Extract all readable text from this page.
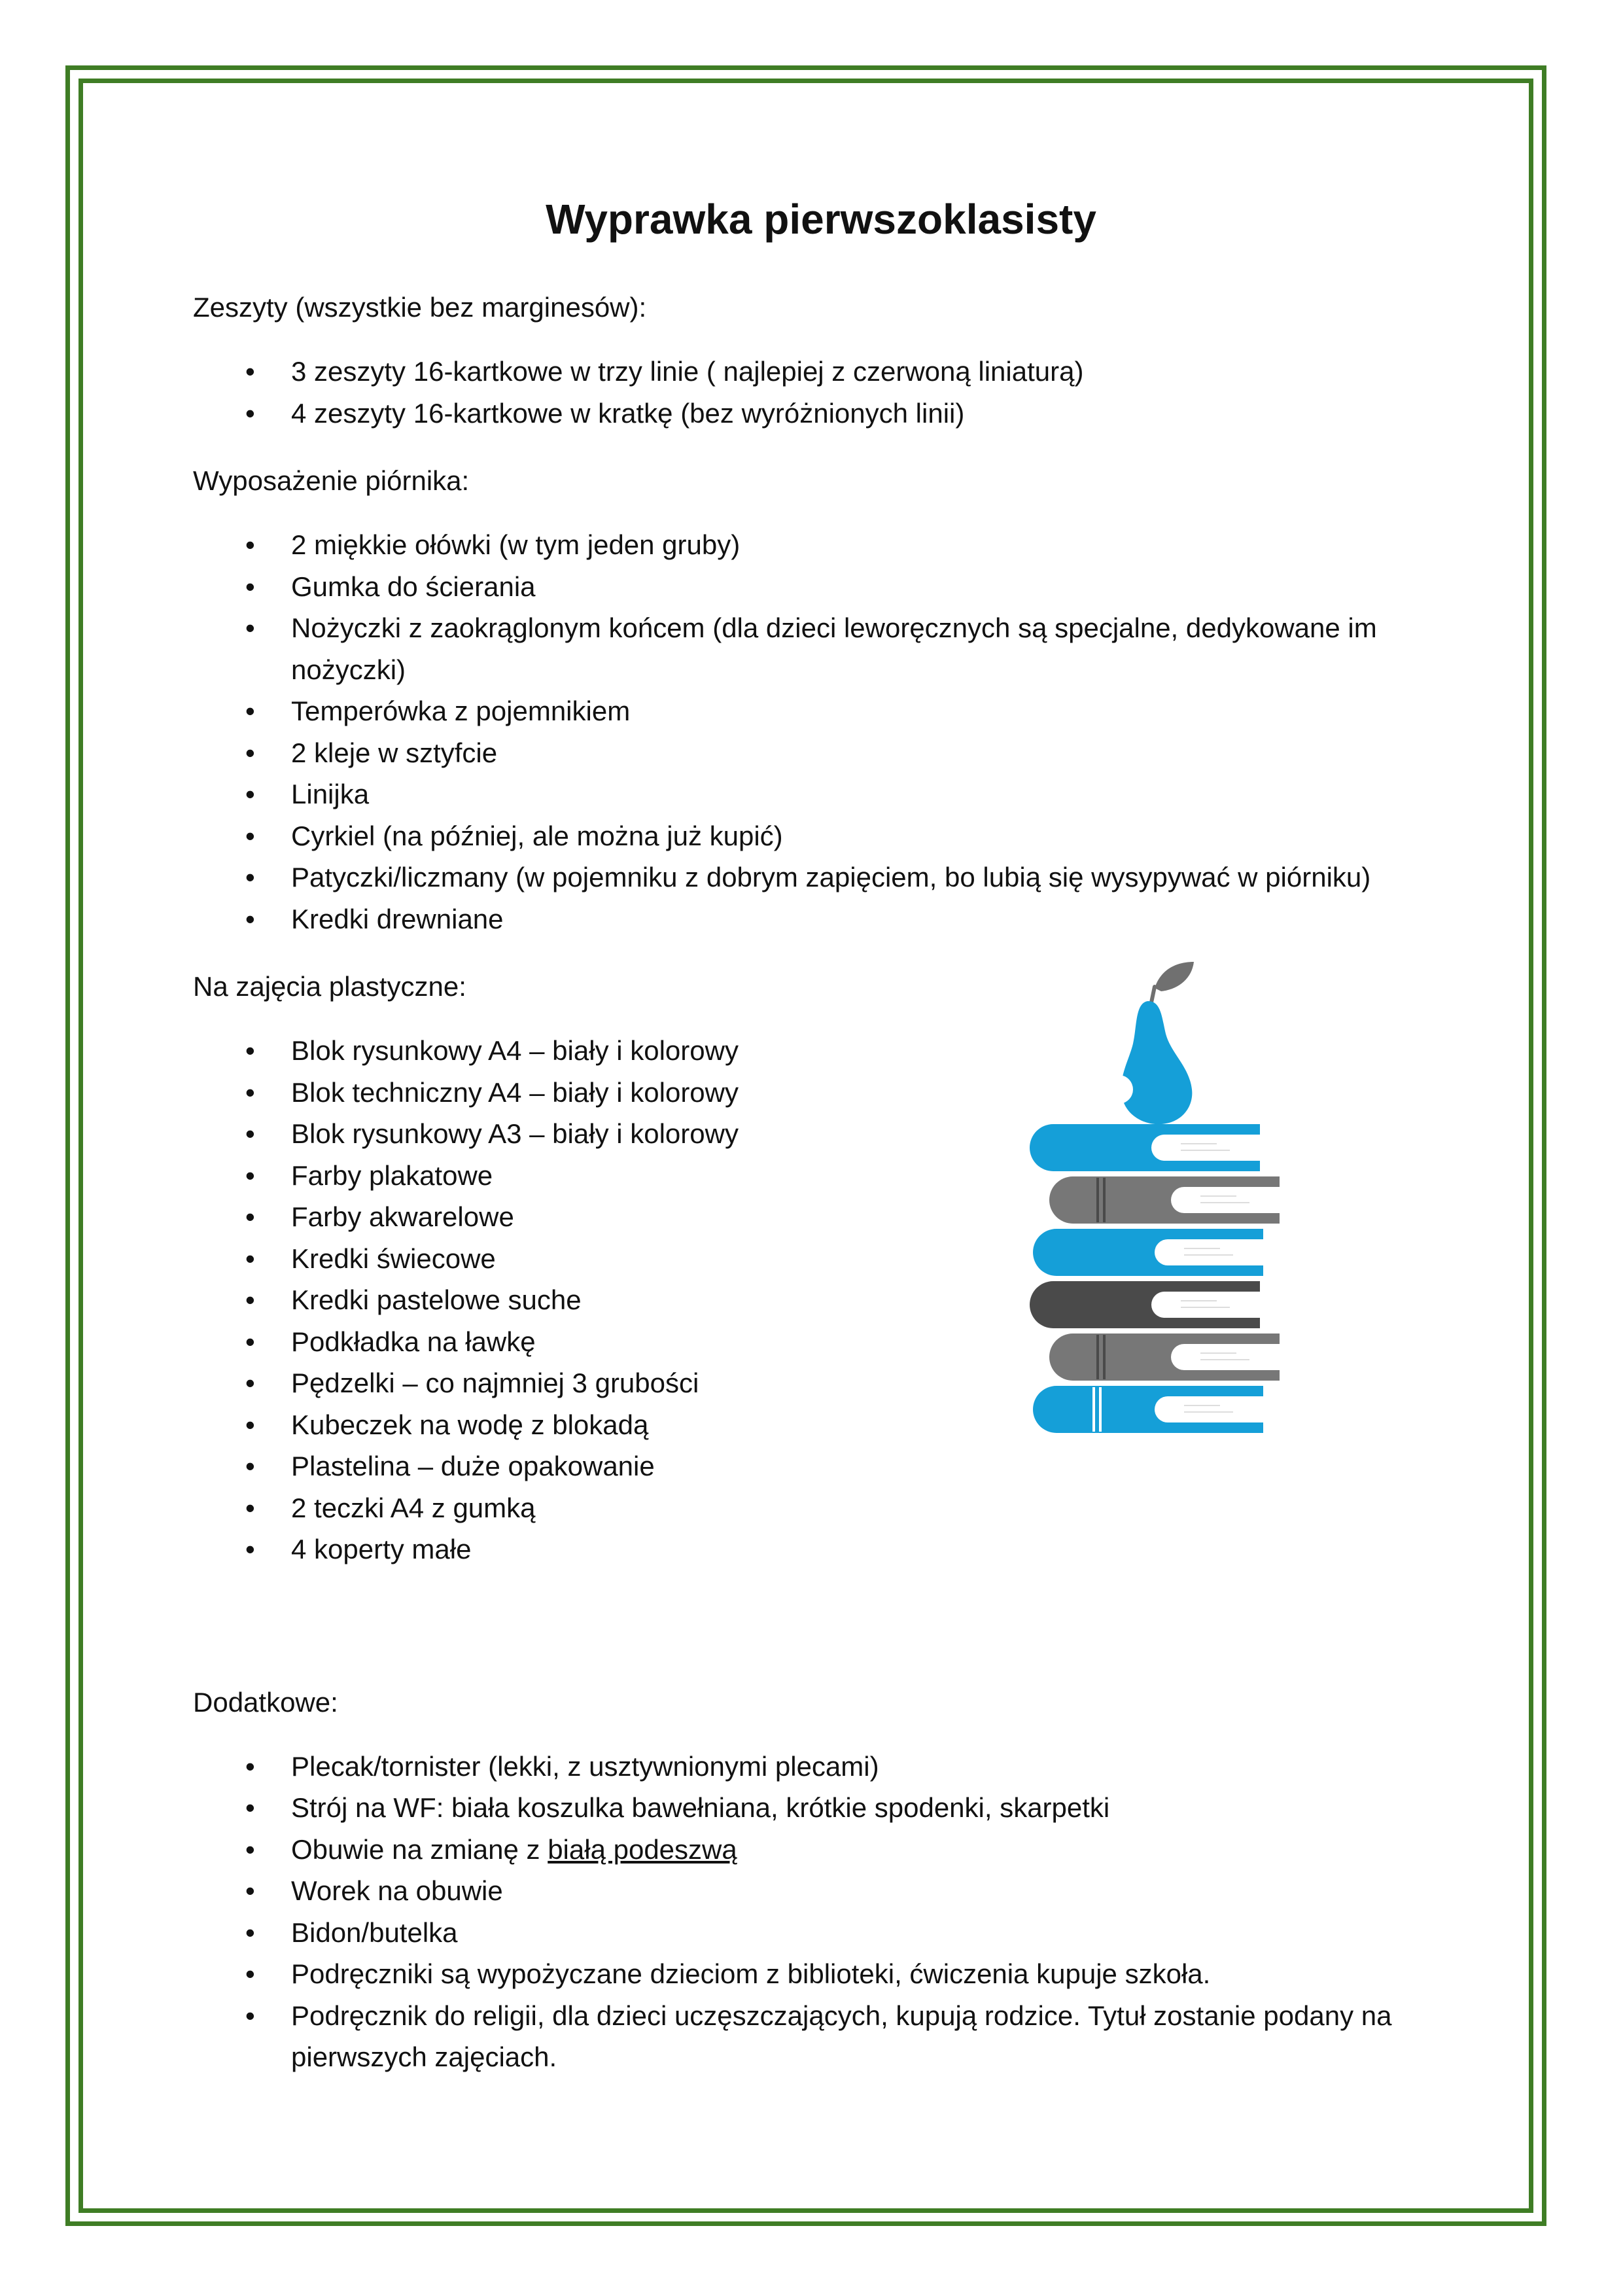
Wyprawka pierwszoklasisty
Zeszyty (wszystkie bez marginesów):
• 3 zeszyty 16-kartkowe w trzy linie ( najlepiej z czerwoną liniaturą)
• 4 zeszyty 16-kartkowe w kratkę (bez wyróżnionych linii)
Wyposażenie piórnika:
• 2 miękkie ołówki (w tym jeden gruby)
• Gumka do ścierania
• Nożyczki z zaokrąglonym końcem (dla dzieci leworęcznych są specjalne, dedykowane im nożyczki)
• Temperówka z pojemnikiem
• 2 kleje w sztyfcie
• Linijka
• Cyrkiel (na później, ale można już kupić)
• Patyczki/liczmany (w pojemniku z dobrym zapięciem, bo lubią się wysypywać w piórniku)
• Kredki drewniane
Na zajęcia plastyczne:
• Blok rysunkowy A4 – biały i kolorowy
• Blok techniczny A4 – biały i kolorowy
• Blok rysunkowy A3 – biały i kolorowy
• Farby plakatowe
• Farby akwarelowe
• Kredki świecowe
• Kredki pastelowe suche
• Podkładka na ławkę
• Pędzelki – co najmniej 3 grubości
• Kubeczek na wodę z blokadą
• Plastelina – duże opakowanie
• 2 teczki A4 z gumką
• 4 koperty małe
Dodatkowe:
• Plecak/tornister (lekki, z usztywnionymi plecami)
• Strój na WF: biała koszulka bawełniana, krótkie spodenki, skarpetki
• Obuwie na zmianę z białą podeszwą
• Worek na obuwie
• Bidon/butelka
• Podręczniki są wypożyczane dzieciom z biblioteki, ćwiczenia kupuje szkoła.
• Podręcznik do religii, dla dzieci uczęszczających, kupują rodzice. Tytuł zostanie podany na pierwszych zajęciach.
